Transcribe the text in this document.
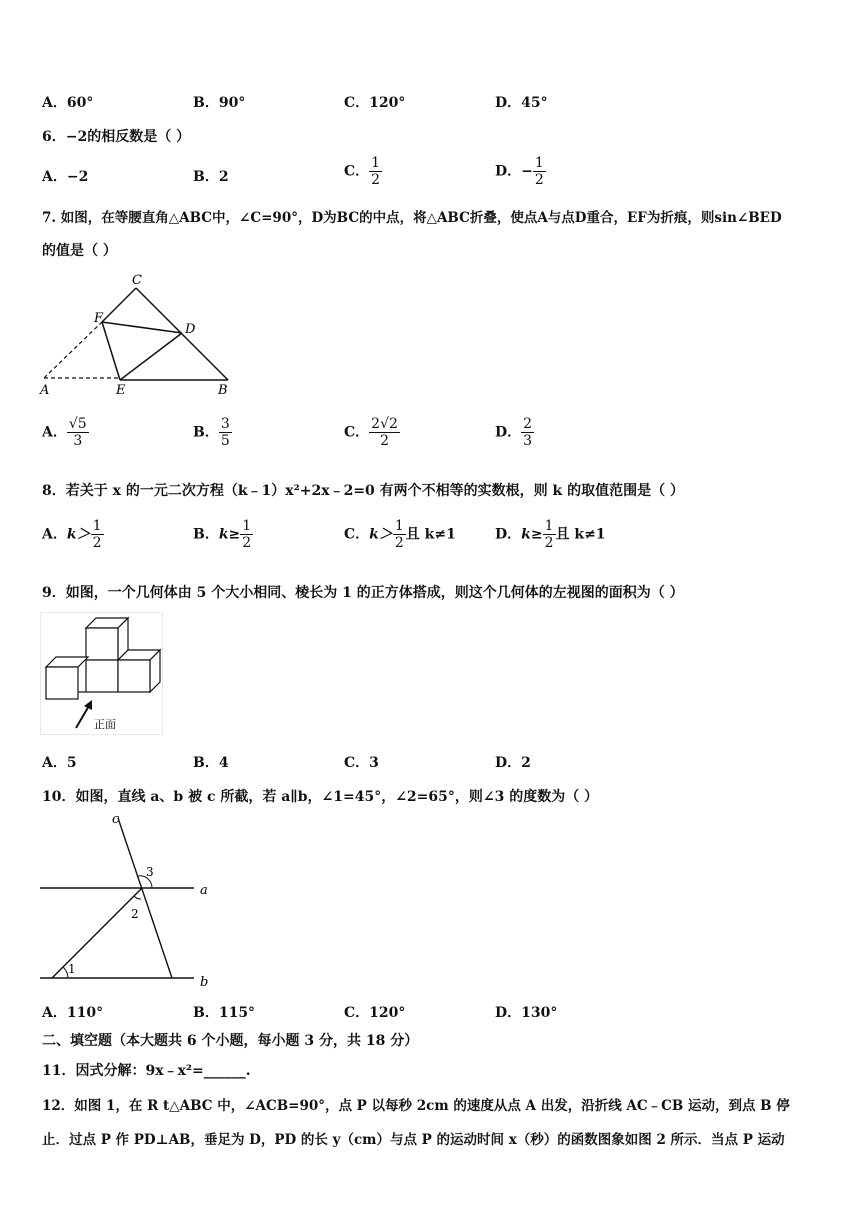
A．60°	B．90°	C．120°	D．45°
6．−2的相反数是（ ）
A．−2	B．2	C． $\frac{1}{2}$	D．− $\frac{1}{2}$
7. 如图，在等腰直角△ABC中，∠C=90°，D为BC的中点，将△ABC折叠，使点A与点D重合，EF为折痕，则sin∠BED
的值是（ ）
C
F
D
A	E	B
A． $\frac{√5}{3}$	B． $\frac{3}{5}$	C． $\frac{2√2}{2}$	D． $\frac{2}{3}$
8．若关于 x 的一元二次方程（k﹣1）x²+2x﹣2=0 有两个不相等的实数根，则 k 的取值范围是（ ）
A．$k> \frac{1}{2}$	B．$k\ge \frac{1}{2}$	C．$k> \frac{1}{2}$ 且 k≠1	D．$k\ge \frac{1}{2}$ 且 k≠1
9．如图，一个几何体由 5 个大小相同、棱长为 1 的正方体搭成，则这个几何体的左视图的面积为（ ）
正面
A．5	B．4	C．3	D．2
10．如图，直线 a、b 被 c 所截，若 a∥b，∠1=45°，∠2=65°，则∠3 的度数为（ ）
c
a
b
1
2
3
A．110°	B．115°	C．120°	D．130°
二、填空题（本大题共 6 个小题，每小题 3 分，共 18 分）
11．因式分解：9x﹣x²=______.
12．如图 1，在 R t△ABC 中，∠ACB=90°，点 P 以每秒 2cm 的速度从点 A 出发，沿折线 AC﹣CB 运动，到点 B 停
止．过点 P 作 PD⊥AB，垂足为 D，PD 的长 y（cm）与点 P 的运动时间 x（秒）的函数图象如图 2 所示．当点 P 运动
